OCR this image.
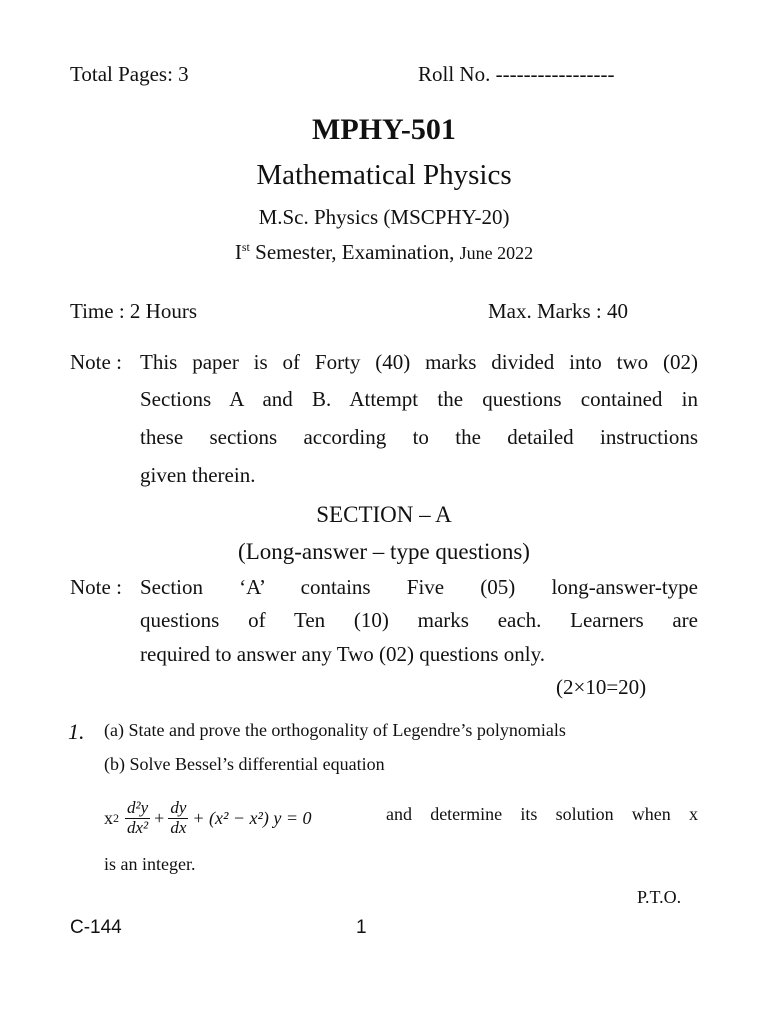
Total Pages: 3	Roll No. -----------------
MPHY-501
Mathematical Physics
M.Sc. Physics (MSCPHY-20)
Ist Semester, Examination, June 2022
Time : 2 Hours	Max. Marks : 40
Note : This paper is of Forty (40) marks divided into two (02)
Sections A and B. Attempt the questions contained in
these sections according to the detailed instructions
given therein.
SECTION – A
(Long-answer – type questions)
Note : Section ‘A’ contains Five (05) long-answer-type
questions of Ten (10) marks each. Learners are
required to answer any Two (02) questions only.
(2×10=20)
1. (a) State and prove the orthogonality of Legendre’s polynomials
(b) Solve Bessel’s differential equation
x $2 \frac{\text{d²y}}{\text{dx²}} + \frac{dy}{dx} + (x^2 - x^2) y = 0$	and determine its solution when x
is an integer.
P.T.O.
C-144	1
